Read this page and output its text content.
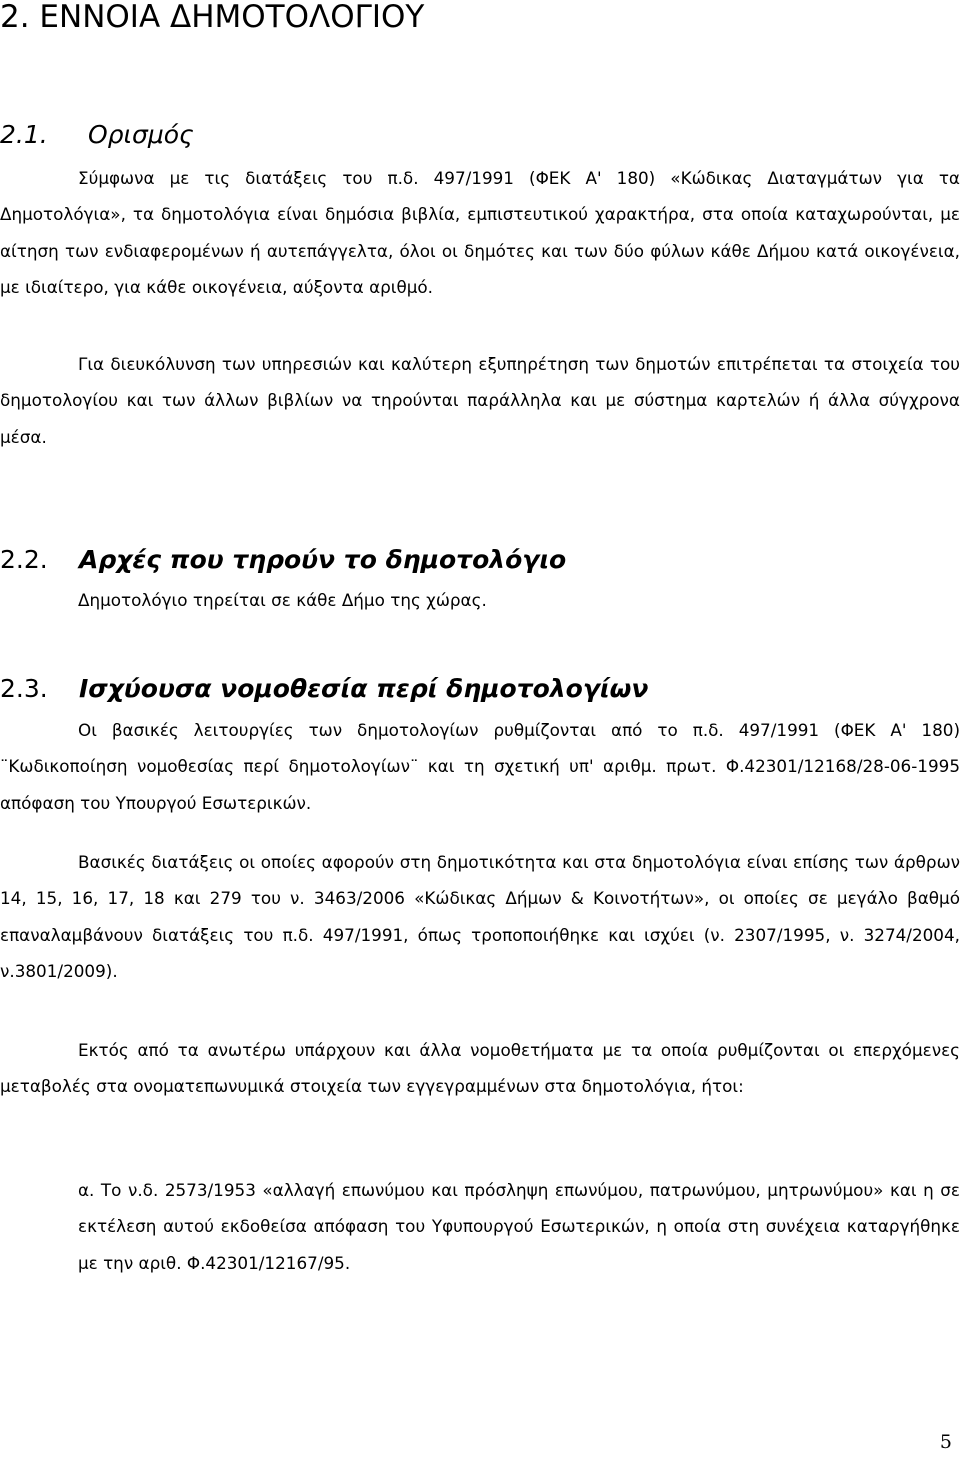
2. ΕΝΝΟΙΑ ΔΗΜΟΤΟΛΟΓΙΟΥ
2.1. Ορισμός

Σύμφωνα με τις διατάξεις του π.δ. 497/1991 (ΦΕΚ Α' 180) «Κώδικας Διαταγμάτων για τα Δημοτολόγια», τα δημοτολόγια είναι δημόσια βιβλία, εμπιστευτικού χαρακτήρα, στα οποία καταχωρούνται, με αίτηση των ενδιαφερομένων ή αυτεπάγγελτα, όλοι οι δημότες και των δύο φύλων κάθε Δήμου κατά οικογένεια, με ιδιαίτερο, για κάθε οικογένεια, αύξοντα αριθμό.

Για διευκόλυνση των υπηρεσιών και καλύτερη εξυπηρέτηση των δημοτών επιτρέπεται τα στοιχεία του δημοτολογίου και των άλλων βιβλίων να τηρούνται παράλληλα και με σύστημα καρτελών ή άλλα σύγχρονα μέσα.

2.2. Αρχές που τηρούν το δημοτολόγιο

Δημοτολόγιο τηρείται σε κάθε Δήμο της χώρας.

2.3. Ισχύουσα νομοθεσία περί δημοτολογίων

Οι βασικές λειτουργίες των δημοτολογίων ρυθμίζονται από το π.δ. 497/1991 (ΦΕΚ Α' 180) ¨Κωδικοποίηση νομοθεσίας περί δημοτολογίων¨ και τη σχετική υπ' αριθμ. πρωτ. Φ.42301/12168/28-06-1995 απόφαση του Υπουργού Εσωτερικών.

Βασικές διατάξεις οι οποίες αφορούν στη δημοτικότητα και στα δημοτολόγια είναι επίσης των άρθρων 14, 15, 16, 17, 18 και 279 του ν. 3463/2006 «Κώδικας Δήμων & Κοινοτήτων», οι οποίες σε μεγάλο βαθμό επαναλαμβάνουν διατάξεις του π.δ. 497/1991, όπως τροποποιήθηκε και ισχύει (ν. 2307/1995, ν. 3274/2004, ν.3801/2009).

Εκτός από τα ανωτέρω υπάρχουν και άλλα νομοθετήματα με τα οποία ρυθμίζονται οι επερχόμενες μεταβολές στα ονοματεπωνυμικά στοιχεία των εγγεγραμμένων στα δημοτολόγια, ήτοι:

α. Το ν.δ. 2573/1953 «αλλαγή επωνύμου και πρόσληψη επωνύμου, πατρωνύμου, μητρωνύμου» και η σε εκτέλεση αυτού εκδοθείσα απόφαση του Υφυπουργού Εσωτερικών, η οποία στη συνέχεια καταργήθηκε με την αριθ. Φ.42301/12167/95.

5
